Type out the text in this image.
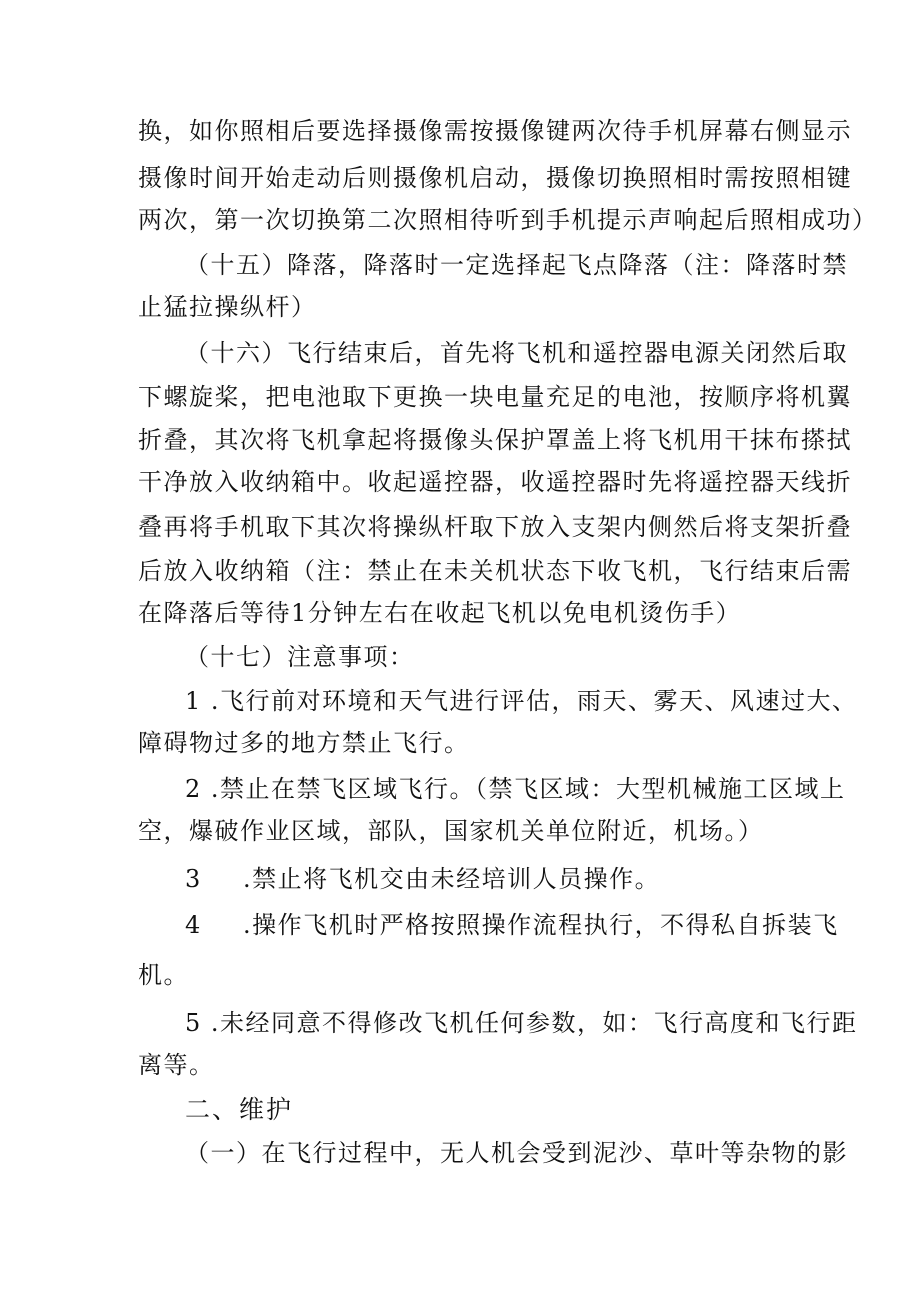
换，如你照相后要选择摄像需按摄像键两次待手机屏幕右侧显示
摄像时间开始走动后则摄像机启动，摄像切换照相时需按照相键
两次，第一次切换第二次照相待听到手机提示声响起后照相成功）
（十五）降落，降落时一定选择起飞点降落（注：降落时禁
止猛拉操纵杆）
（十六）飞行结束后，首先将飞机和遥控器电源关闭然后取
下螺旋桨，把电池取下更换一块电量充足的电池，按顺序将机翼
折叠，其次将飞机拿起将摄像头保护罩盖上将飞机用干抹布搽拭
干净放入收纳箱中。收起遥控器，收遥控器时先将遥控器天线折
叠再将手机取下其次将操纵杆取下放入支架内侧然后将支架折叠
后放入收纳箱（注：禁止在未关机状态下收飞机，飞行结束后需
在降落后等待1分钟左右在收起飞机以免电机烫伤手）
（十七）注意事项：
1 .飞行前对环境和天气进行评估，雨天、雾天、风速过大、
障碍物过多的地方禁止飞行。
2 .禁止在禁飞区域飞行。（禁飞区域：大型机械施工区域上
空，爆破作业区域，部队，国家机关单位附近，机场。）
3 .禁止将飞机交由未经培训人员操作。
4 .操作飞机时严格按照操作流程执行，不得私自拆装飞
机。
5 .未经同意不得修改飞机任何参数，如：飞行高度和飞行距
离等。
二、维护
（一）在飞行过程中，无人机会受到泥沙、草叶等杂物的影
